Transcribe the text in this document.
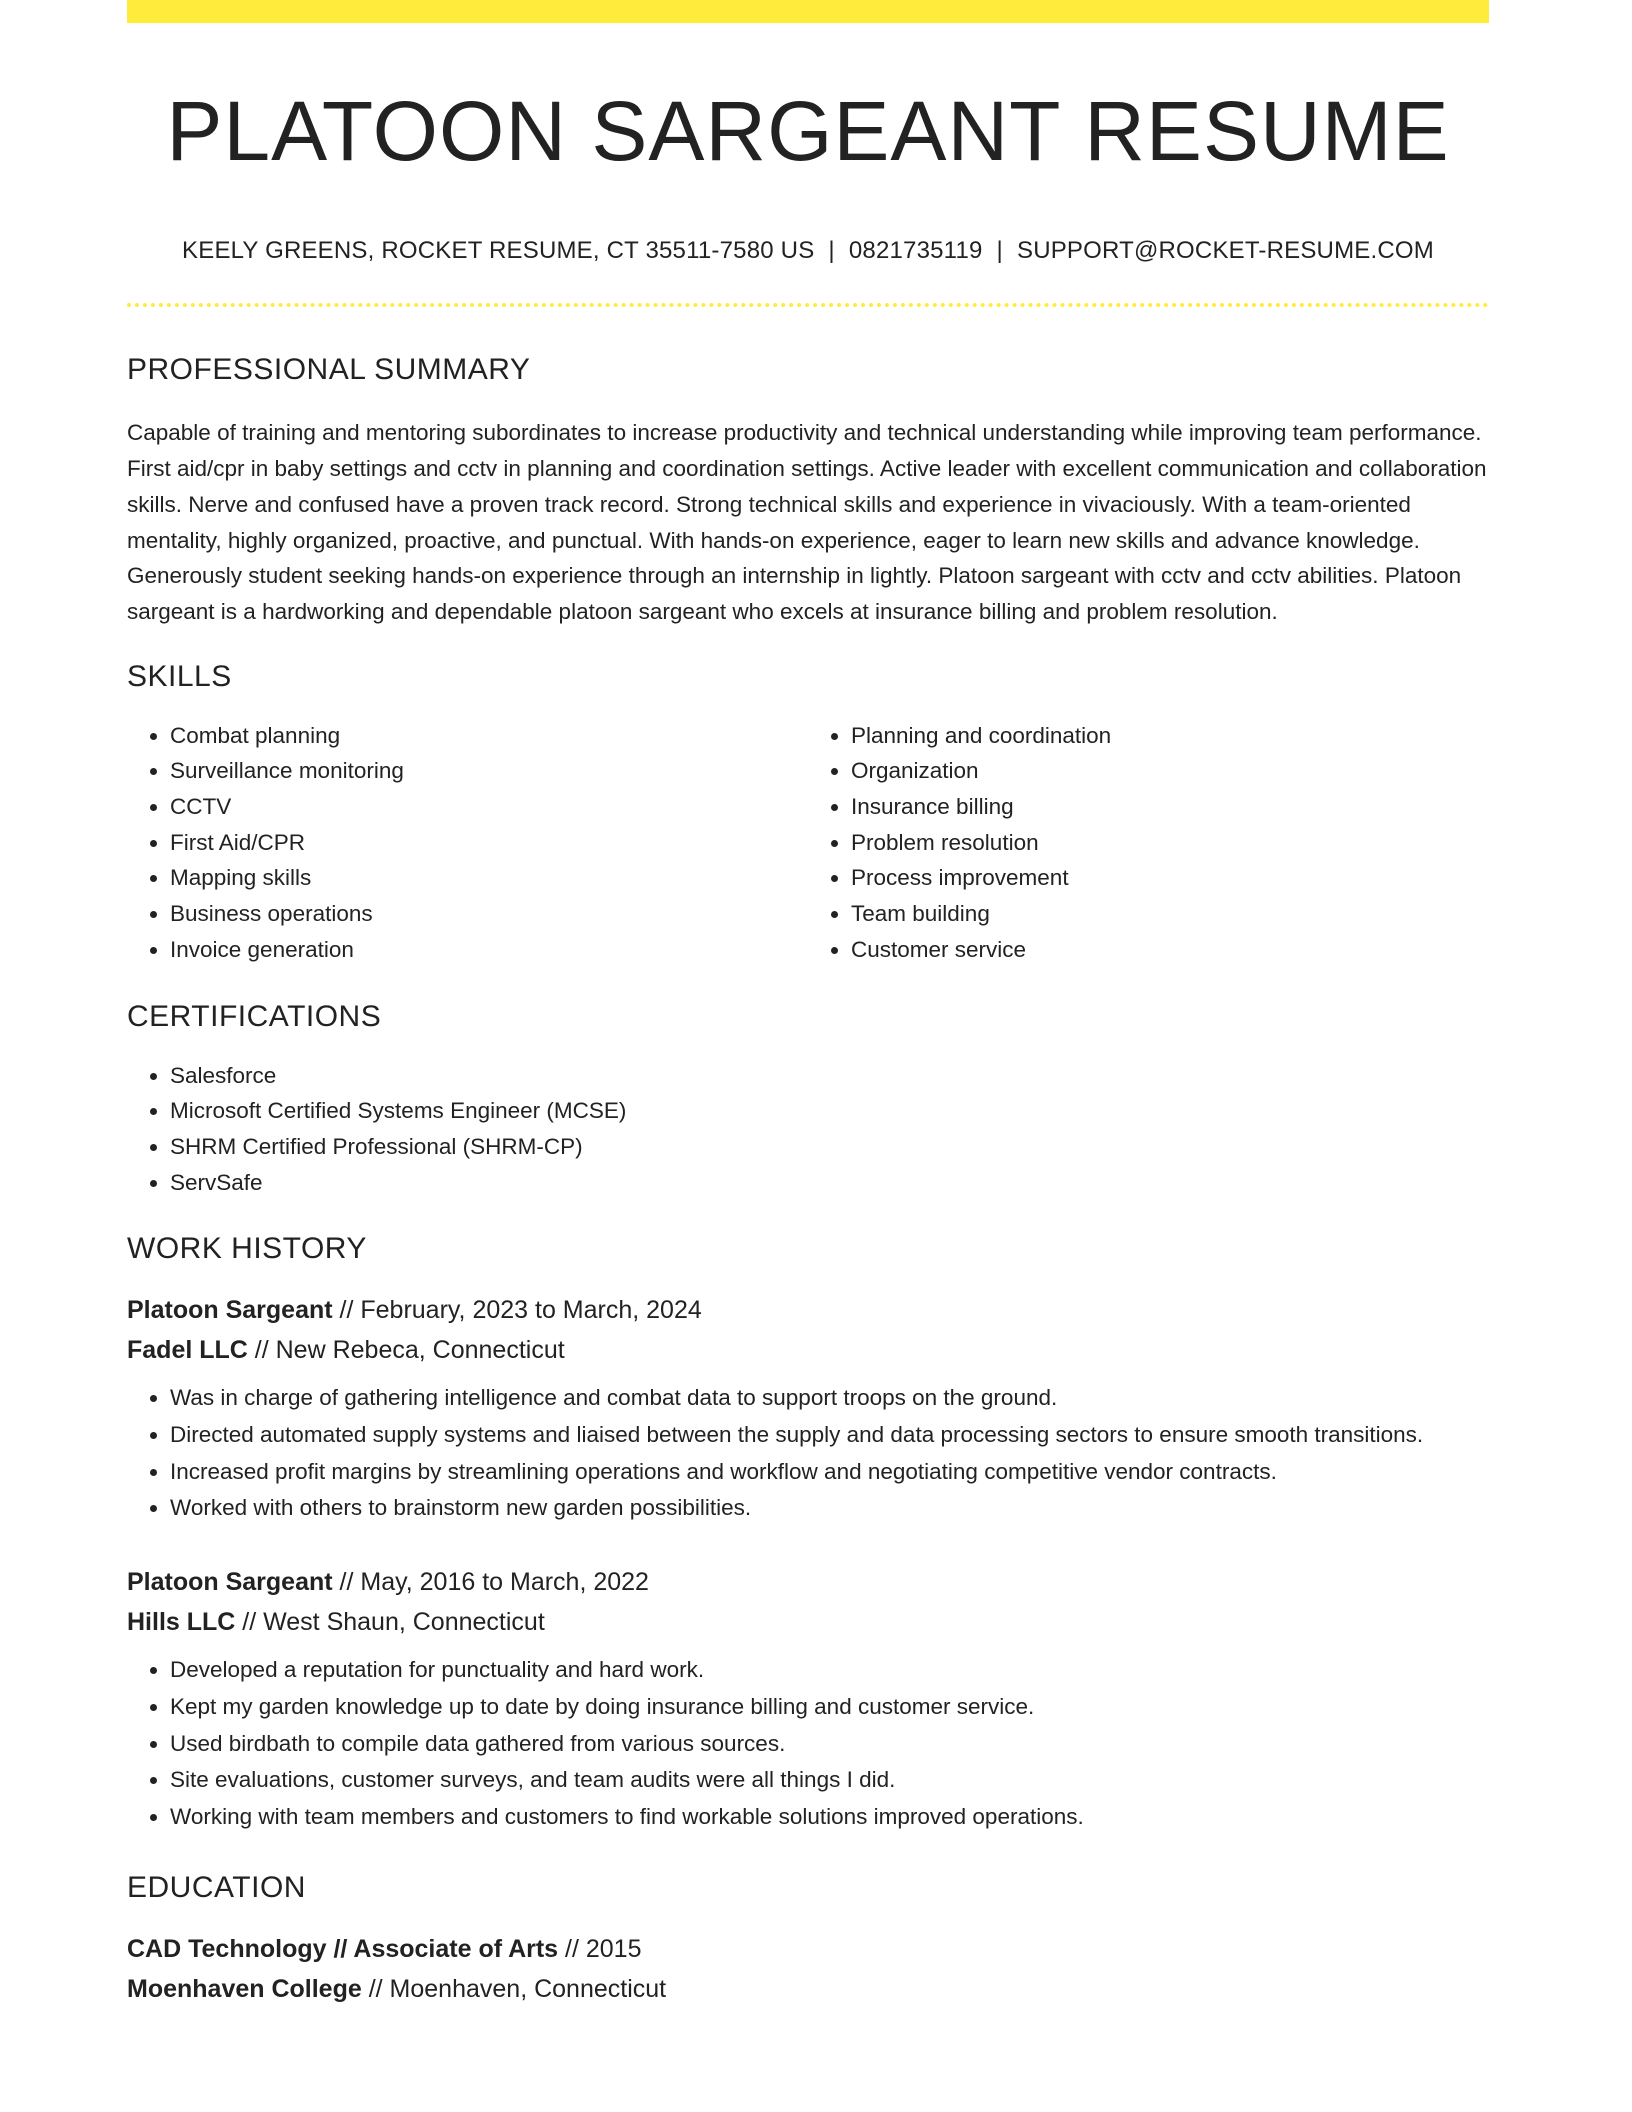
PLATOON SARGEANT RESUME
KEELY GREENS, ROCKET RESUME, CT 35511-7580 US | 0821735119 | SUPPORT@ROCKET-RESUME.COM
PROFESSIONAL SUMMARY

Capable of training and mentoring subordinates to increase productivity and technical understanding while improving team performance. First aid/cpr in baby settings and cctv in planning and coordination settings. Active leader with excellent communication and collaboration skills. Nerve and confused have a proven track record. Strong technical skills and experience in vivaciously. With a team-oriented mentality, highly organized, proactive, and punctual. With hands-on experience, eager to learn new skills and advance knowledge. Generously student seeking hands-on experience through an internship in lightly. Platoon sargeant with cctv and cctv abilities. Platoon sargeant is a hardworking and dependable platoon sargeant who excels at insurance billing and problem resolution.

SKILLS
• Combat planning
• Surveillance monitoring
• CCTV
• First Aid/CPR
• Mapping skills
• Business operations
• Invoice generation
• Planning and coordination
• Organization
• Insurance billing
• Problem resolution
• Process improvement
• Team building
• Customer service
CERTIFICATIONS
• Salesforce
• Microsoft Certified Systems Engineer (MCSE)
• SHRM Certified Professional (SHRM-CP)
• ServSafe
WORK HISTORY
Platoon Sargeant // February, 2023 to March, 2024
Fadel LLC // New Rebeca, Connecticut
• Was in charge of gathering intelligence and combat data to support troops on the ground.
• Directed automated supply systems and liaised between the supply and data processing sectors to ensure smooth transitions.
• Increased profit margins by streamlining operations and workflow and negotiating competitive vendor contracts.
• Worked with others to brainstorm new garden possibilities.
Platoon Sargeant // May, 2016 to March, 2022
Hills LLC // West Shaun, Connecticut
• Developed a reputation for punctuality and hard work.
• Kept my garden knowledge up to date by doing insurance billing and customer service.
• Used birdbath to compile data gathered from various sources.
• Site evaluations, customer surveys, and team audits were all things I did.
• Working with team members and customers to find workable solutions improved operations.
EDUCATION
CAD Technology // Associate of Arts // 2015
Moenhaven College // Moenhaven, Connecticut
